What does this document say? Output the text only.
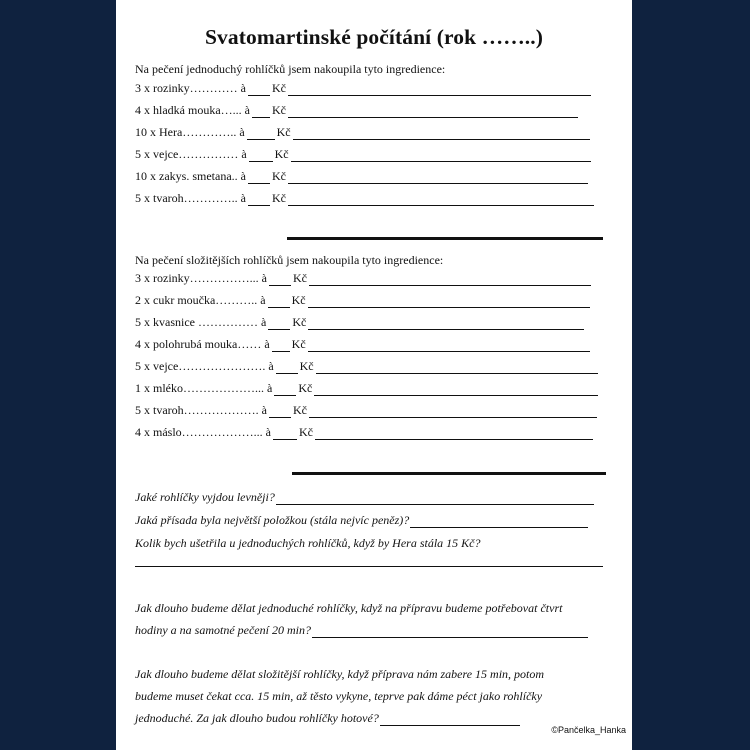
Svatomartinské počítání (rok ……..)
Na pečení jednoduchý rohlíčků jsem nakoupila tyto ingredience:
3 x rozinky………… à Kč
4 x hladká mouka…... à Kč
10 x Hera………….. à	Kč
5 x vejce…………… à Kč
10 x zakys. smetana.. à Kč
5 x tvaroh………….. à Kč
Na pečení složitějších rohlíčků jsem nakoupila tyto ingredience:
3 x rozinky……………... à Kč
2 x cukr moučka……….. à Kč
5 x kvasnice …………… à Kč
4 x polohrubá mouka…… à Kč
5 x vejce…………………. à Kč
1 x mléko………………... à Kč
5 x tvaroh………………. à Kč
4 x máslo………………... à Kč
Jaké rohlíčky vyjdou levněji?
Jaká přísada byla největší položkou (stála nejvíc peněz)?
Kolik bych ušetřila u jednoduchých rohlíčků, když by Hera stála 15 Kč?
Jak dlouho budeme dělat jednoduché rohlíčky, když na přípravu budeme potřebovat čtvrt
hodiny a na samotné pečení 20 min?
Jak dlouho budeme dělat složitější rohlíčky, když příprava nám zabere 15 min, potom
budeme muset čekat cca. 15 min, až těsto vykyne, teprve pak dáme péct jako rohlíčky
jednoduché. Za jak dlouho budou rohlíčky hotové?
©Pančelka_Hanka
